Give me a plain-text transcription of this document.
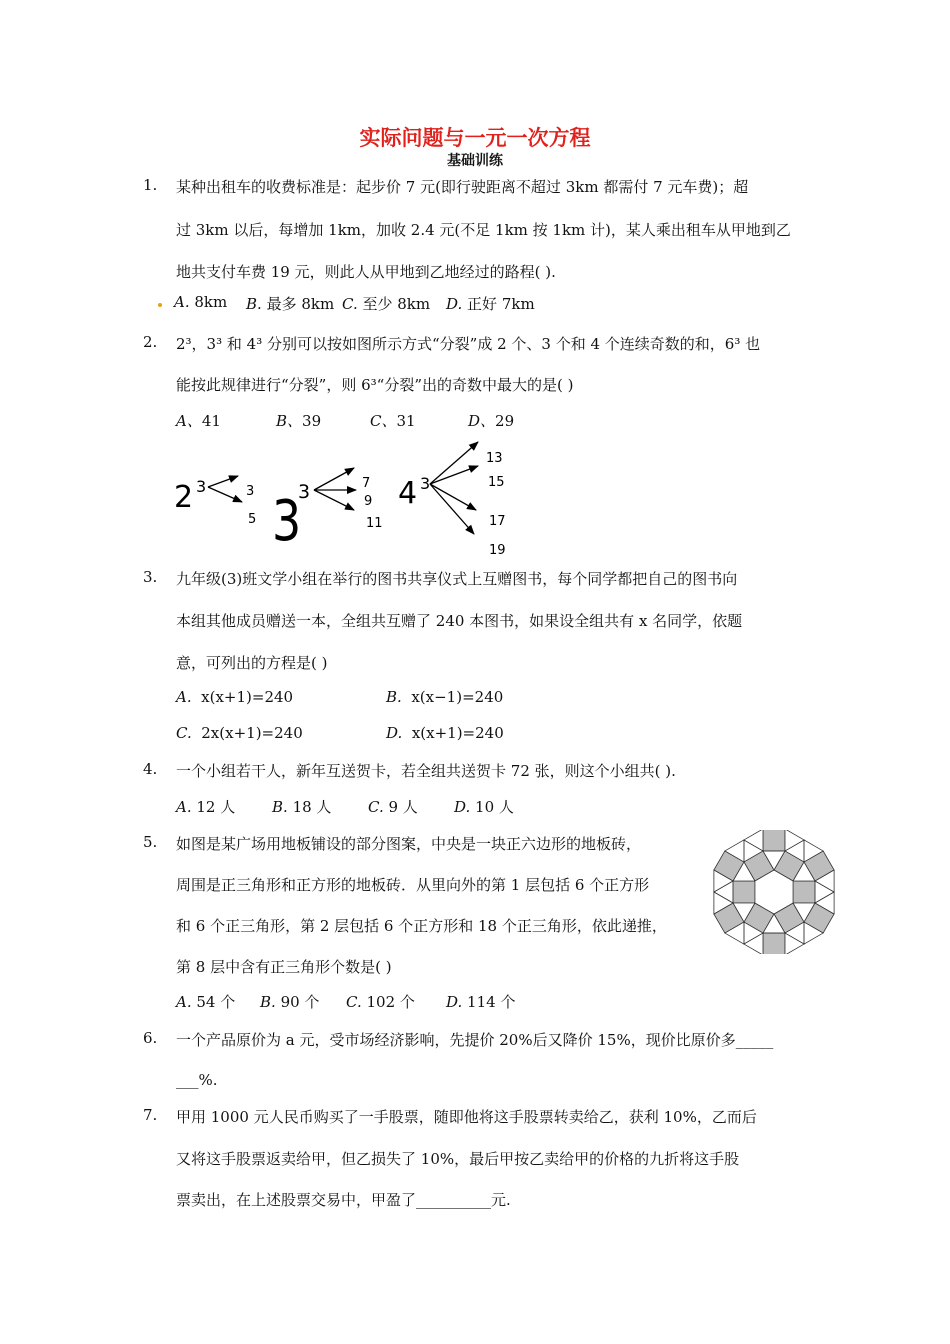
实际问题与一元一次方程
基础训练
1. 某种出租车的收费标准是：起步价 7 元(即行驶距离不超过 3km 都需付 7 元车费)；超
过 3km 以后，每增加 1km，加收 2.4 元(不足 1km 按 1km 计)，某人乘出租车从甲地到乙
地共支付车费 19 元，则此人从甲地到乙地经过的路程( ).
A. 8km B. 最多 8km C. 至少 8km D. 正好 7km
2. 2³，3³ 和 4³ 分别可以按如图所示方式“分裂”成 2 个、3 个和 4 个连续奇数的和，6³ 也
能按此规律进行“分裂”，则 6³“分裂”出的奇数中最大的是( )
A、41	B、39	C、31	D、29
2 3	3
5 3
3	7
9
11
4 3
13
15
17
19
3. 九年级(3)班文学小组在举行的图书共享仪式上互赠图书，每个同学都把自己的图书向
本组其他成员赠送一本，全组共互赠了 240 本图书，如果设全组共有 x 名同学，依题
意，可列出的方程是( )
A. x(x+1)=240	B. x(x−1)=240
C. 2x(x+1)=240	D. x(x+1)=240
4. 一个小组若干人，新年互送贺卡，若全组共送贺卡 72 张，则这个小组共( ).
A. 12 人 B. 18 人 C. 9 人 D. 10 人
5. 如图是某广场用地板铺设的部分图案，中央是一块正六边形的地板砖，
周围是正三角形和正方形的地板砖．从里向外的第 1 层包括 6 个正方形
和 6 个正三角形，第 2 层包括 6 个正方形和 18 个正三角形，依此递推，
第 8 层中含有正三角形个数是( )
A. 54 个 B. 90 个 C. 102 个 D. 114 个
6. 一个产品原价为 a 元，受市场经济影响，先提价 20%后又降价 15%，现价比原价多_____
___%.
7. 甲用 1000 元人民币购买了一手股票，随即他将这手股票转卖给乙，获利 10%，乙而后
又将这手股票返卖给甲，但乙损失了 10%，最后甲按乙卖给甲的价格的九折将这手股
票卖出，在上述股票交易中，甲盈了__________元.
